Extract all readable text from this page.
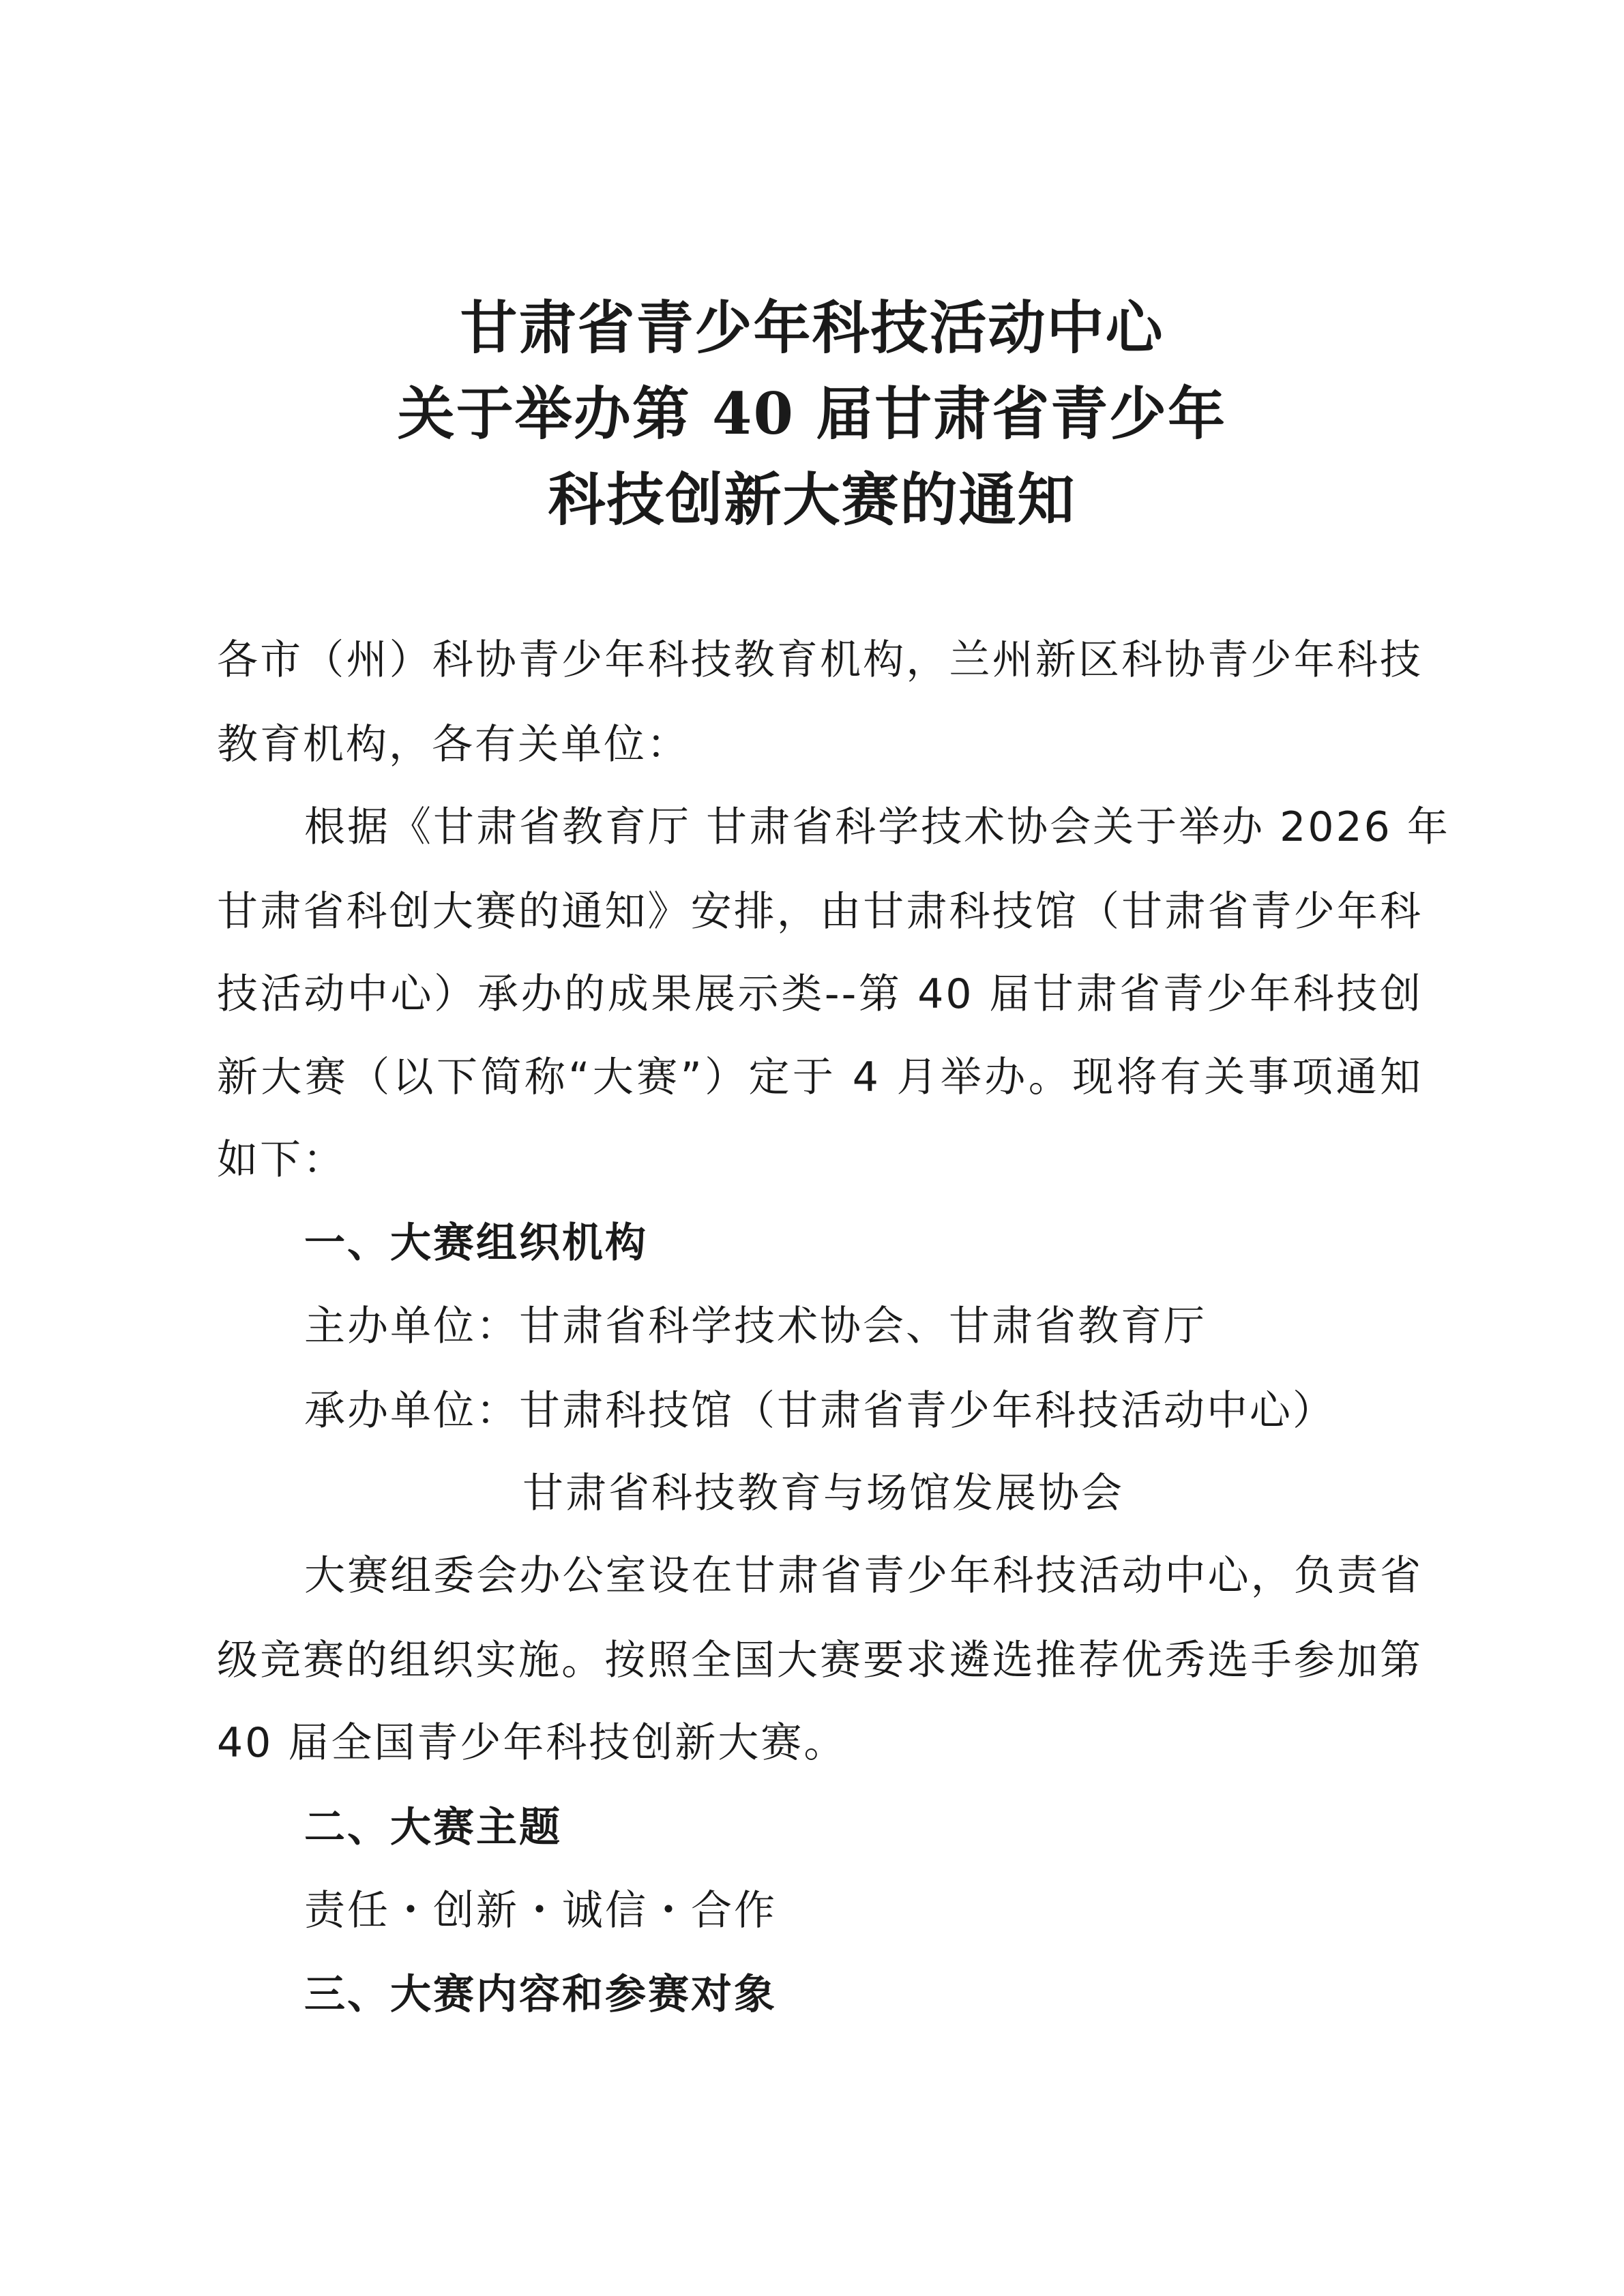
甘肃省青少年科技活动中心
关于举办第 40 届甘肃省青少年
科技创新大赛的通知
各市（州）科协青少年科技教育机构，兰州新区科协青少年科技
教育机构，各有关单位：
根据《甘肃省教育厅 甘肃省科学技术协会关于举办 2026 年
甘肃省科创大赛的通知》安排，由甘肃科技馆（甘肃省青少年科
技活动中心）承办的成果展示类--第 40 届甘肃省青少年科技创
新大赛（以下简称“大赛”）定于 4 月举办。现将有关事项通知
如下：
一、大赛组织机构
主办单位：甘肃省科学技术协会、甘肃省教育厅
承办单位：甘肃科技馆（甘肃省青少年科技活动中心）
甘肃省科技教育与场馆发展协会
大赛组委会办公室设在甘肃省青少年科技活动中心，负责省
级竞赛的组织实施。按照全国大赛要求遴选推荐优秀选手参加第
40 届全国青少年科技创新大赛。
二、大赛主题
责任・创新・诚信・合作
三、大赛内容和参赛对象
